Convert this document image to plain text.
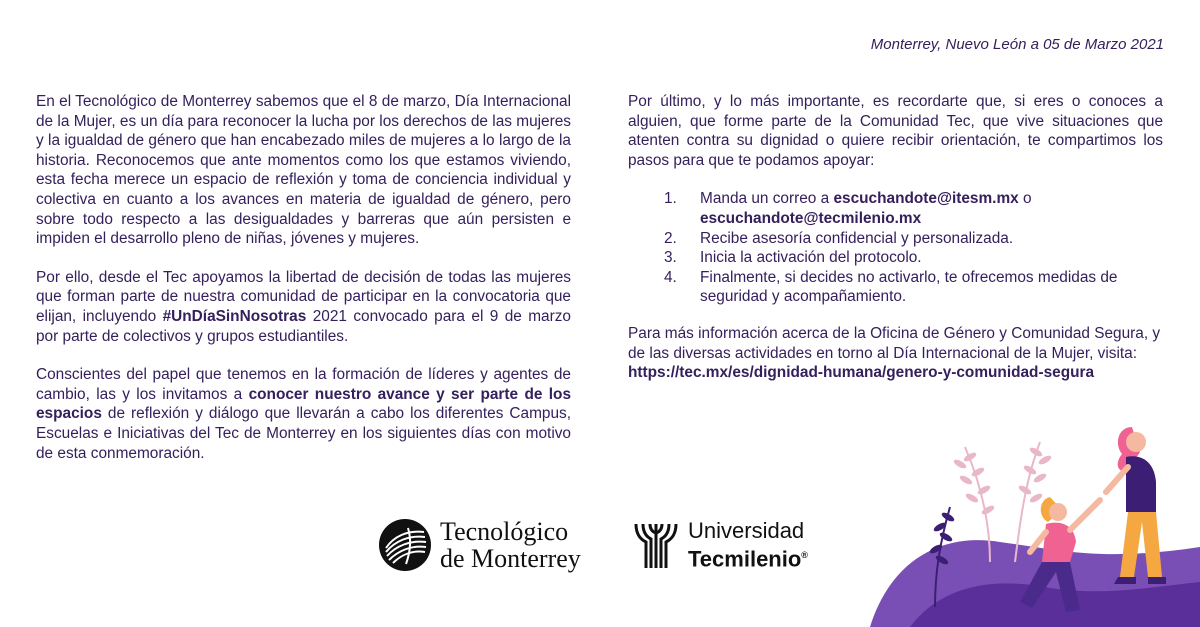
Monterrey, Nuevo León a 05 de Marzo 2021

En el Tecnológico de Monterrey sabemos que el 8 de marzo, Día Internacional de la Mujer, es un día para reconocer la lucha por los derechos de las mujeres y la igualdad de género que han encabezado miles de mujeres a lo largo de la historia. Reconocemos que ante momentos como los que estamos viviendo, esta fecha merece un espacio de reflexión y toma de conciencia individual y colectiva en cuanto a los avances en materia de igualdad de género, pero sobre todo respecto a las desigualdades y barreras que aún persisten e impiden el desarrollo pleno de niñas, jóvenes y mujeres.

Por ello, desde el Tec apoyamos la libertad de decisión de todas las mujeres que forman parte de nuestra comunidad de participar en la convocatoria que elijan, incluyendo #UnDíaSinNosotras 2021 convocado para el 9 de marzo por parte de colectivos y grupos estudiantiles.

Conscientes del papel que tenemos en la formación de líderes y agentes de cambio, las y los invitamos a conocer nuestro avance y ser parte de los espacios de reflexión y diálogo que llevarán a cabo los diferentes Campus, Escuelas e Iniciativas del Tec de Monterrey en los siguientes días con motivo de esta conmemoración.

Por último, y lo más importante, es recordarte que, si eres o conoces a alguien, que forme parte de la Comunidad Tec, que vive situaciones que atenten contra su dignidad o quiere recibir orientación, te compartimos los pasos para que te podamos apoyar:

1.	Manda un correo a escuchandote@itesm.mx o escuchandote@tecmilenio.mx
2.	Recibe asesoría confidencial y personalizada.
3.	Inicia la activación del protocolo.
4.	Finalmente, si decides no activarlo, te ofrecemos medidas de seguridad y acompañamiento.

Para más información acerca de la Oficina de Género y Comunidad Segura, y de las diversas actividades en torno al Día Internacional de la Mujer, visita:
https://tec.mx/es/dignidad-humana/genero-y-comunidad-segura

Tecnológico
de Monterrey
Universidad
Tecmilenio®
